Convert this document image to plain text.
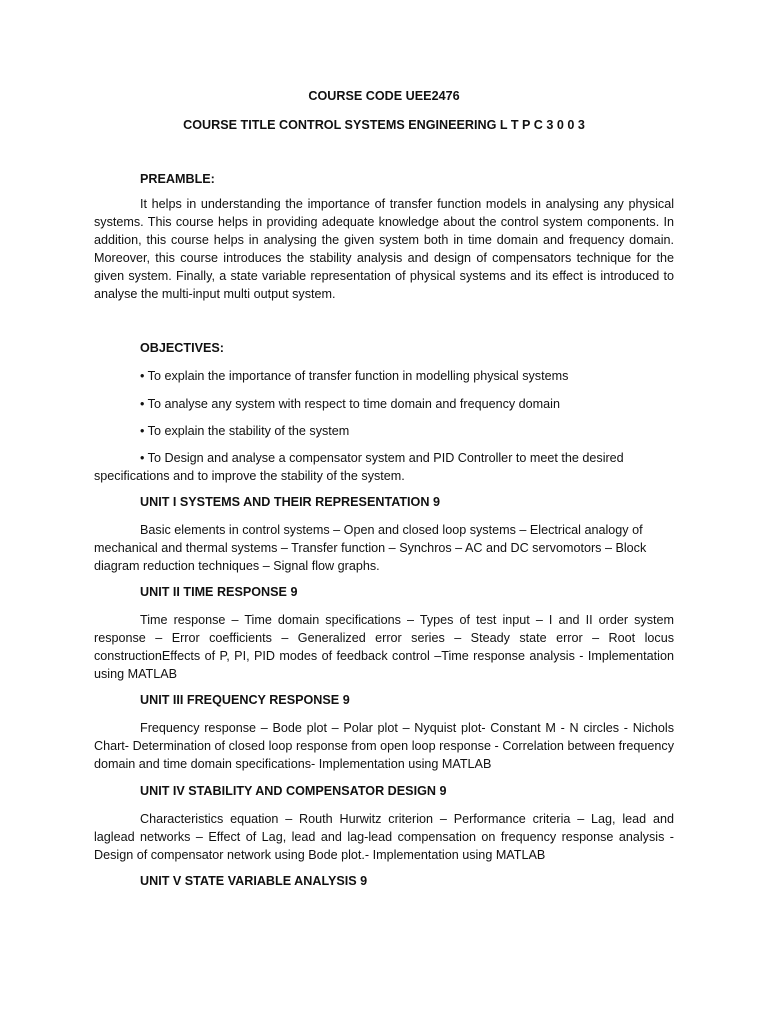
COURSE CODE UEE2476

COURSE TITLE CONTROL SYSTEMS ENGINEERING L T P C 3 0 0 3

PREAMBLE:

It helps in understanding the importance of transfer function models in analysing any physical systems. This course helps in providing adequate knowledge about the control system components. In addition, this course helps in analysing the given system both in time domain and frequency domain. Moreover, this course introduces the stability analysis and design of compensators technique for the given system. Finally, a state variable representation of physical systems and its effect is introduced to analyse the multi-input multi output system.

OBJECTIVES:

• To explain the importance of transfer function in modelling physical systems

• To analyse any system with respect to time domain and frequency domain

• To explain the stability of the system

• To Design and analyse a compensator system and PID Controller to meet the desired specifications and to improve the stability of the system.

UNIT I SYSTEMS AND THEIR REPRESENTATION 9

Basic elements in control systems – Open and closed loop systems – Electrical analogy of mechanical and thermal systems – Transfer function – Synchros – AC and DC servomotors – Block diagram reduction techniques – Signal flow graphs.

UNIT II TIME RESPONSE 9

Time response – Time domain specifications – Types of test input – I and II order system response – Error coefficients – Generalized error series – Steady state error – Root locus constructionEffects of P, PI, PID modes of feedback control –Time response analysis - Implementation using MATLAB

UNIT III FREQUENCY RESPONSE 9

Frequency response – Bode plot – Polar plot – Nyquist plot- Constant M - N circles - Nichols Chart- Determination of closed loop response from open loop response - Correlation between frequency domain and time domain specifications- Implementation using MATLAB

UNIT IV STABILITY AND COMPENSATOR DESIGN 9

Characteristics equation – Routh Hurwitz criterion – Performance criteria – Lag, lead and laglead networks – Effect of Lag, lead and lag-lead compensation on frequency response analysis - Design of compensator network using Bode plot.- Implementation using MATLAB

UNIT V STATE VARIABLE ANALYSIS 9
